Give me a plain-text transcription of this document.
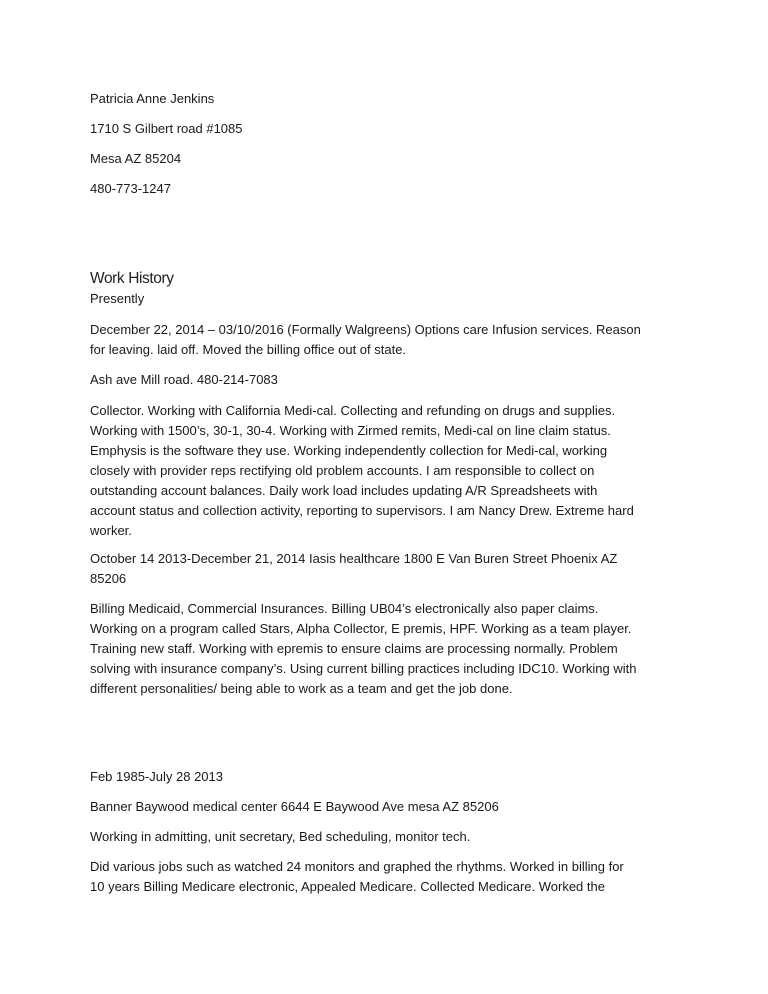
Patricia Anne Jenkins

1710 S Gilbert road #1085

Mesa AZ 85204

480-773-1247

Work History

Presently

December 22, 2014 – 03/10/2016 (Formally Walgreens) Options care Infusion services. Reason
for leaving. laid off. Moved the billing office out of state.

Ash ave Mill road. 480-214-7083

Collector. Working with California Medi-cal. Collecting and refunding on drugs and supplies.
Working with 1500’s, 30-1, 30-4. Working with Zirmed remits, Medi-cal on line claim status.
Emphysis is the software they use. Working independently collection for Medi-cal, working
closely with provider reps rectifying old problem accounts. I am responsible to collect on
outstanding account balances. Daily work load includes updating A/R Spreadsheets with
account status and collection activity, reporting to supervisors. I am Nancy Drew. Extreme hard
worker.
October 14 2013-December 21, 2014 Iasis healthcare 1800 E Van Buren Street Phoenix AZ
85206
Billing Medicaid, Commercial Insurances. Billing UB04’s electronically also paper claims.
Working on a program called Stars, Alpha Collector, E premis, HPF. Working as a team player.
Training new staff. Working with epremis to ensure claims are processing normally. Problem
solving with insurance company’s. Using current billing practices including IDC10. Working with
different personalities/ being able to work as a team and get the job done.

Feb 1985-July 28 2013

Banner Baywood medical center 6644 E Baywood Ave mesa AZ 85206

Working in admitting, unit secretary, Bed scheduling, monitor tech.

Did various jobs such as watched 24 monitors and graphed the rhythms. Worked in billing for
10 years Billing Medicare electronic, Appealed Medicare. Collected Medicare. Worked the
